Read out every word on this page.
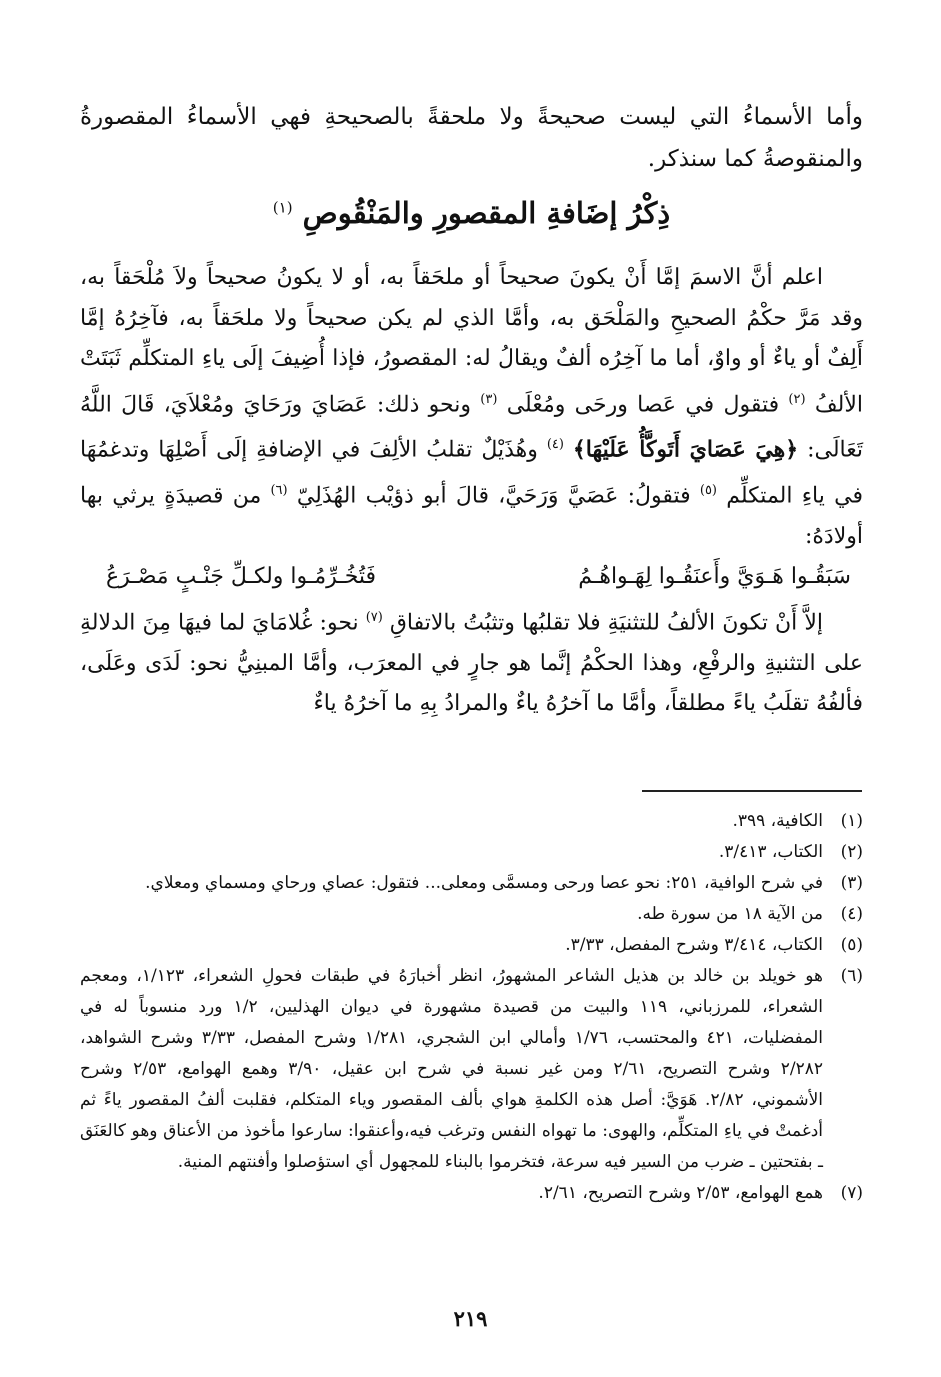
وأما الأسماءُ التي ليست صحيحةً ولا ملحقةً بالصحيحةِ فهي الأسماءُ المقصورةُ والمنقوصةُ كما سنذكر.

ذِكْرُ إضَافةِ المقصورِ والمَنْقُوصِ $^{(١)}$

اعلم أنَّ الاسمَ إمَّا أَنْ يكونَ صحيحاً أو ملحَقاً به، أو لا يكونُ صحيحاً ولاَ مُلْحَقاً به، وقد مَرَّ حكْمُ الصحيحِ والمَلْحَق به، وأمَّا الذي لم يكن صحيحاً ولا ملحَقاً به، فآخِرُهُ إمَّا أَلِفٌ أو ياءٌ أو واوٌ، أما ما آخِرُه ألفٌ ويقالُ له: المقصورُ، فإذا أُضِيفَ إلَى ياءِ المتكلِّم ثَبَتَتْ الألفُ $^{(٢)}$ فتقول في عَصا ورحَى ومُعْلَى $^{(٣)}$ ونحو ذلك: عَصَايَ ورَحَايَ ومُعْلاَيَ، قَالَ اللَّهُ تَعَالَى: ﴿هِيَ عَصَايَ أَتَوكَّأُ عَلَيْهَا﴾ $^{(٤)}$ وهُذَيْلٌ تقلبُ الألِفَ في الإضافةِ إلَى أَصْلِهَا وتدغمُهَا في ياءِ المتكلِّم $^{(٥)}$ فتقولُ: عَصَيَّ وَرَحَيَّ، قالَ أبو ذؤيْب الهُذَلِيّ $^{(٦)}$ من قصيدَةٍ يرثي بها أولادَهُ:

سَبَقُـوا هَـوَيَّ وأَعنَقُـوا لِهَـواهُـمُ
فَتُخُـرِّمُـوا ولكـلِّ جَنْـبٍ مَصْـرَعُ

إلاَّ أَنْ تكونَ الألفُ للتثنيَةِ فلا تقلبُها وتثبُتُ بالاتفاقِ $^{(٧)}$ نحو: غُلامَايَ لما فيهَا مِنَ الدلالةِ على التثنيةِ والرفْعِ، وهذا الحكْمُ إنَّما هو جارٍ في المعرَب، وأمَّا المبنِيُّ نحو: لَدَى وعَلَى، فألفُهُ تقلَبُ ياءً مطلقاً، وأمَّا ما آخرُهُ ياءٌ والمرادُ بِهِ ما آخرُهُ ياءٌ

(١)
الكافية، ٣٩٩.
(٢)
الكتاب، ٣/٤١٣.
(٣)
في شرح الوافية، ٢٥١: نحو عصا ورحى ومسمَّى ومعلى... فتقول: عصاي ورحاي ومسماي ومعلاي.
(٤)
من الآية ١٨ من سورة طه.
(٥)
الكتاب، ٣/٤١٤ وشرح المفصل، ٣/٣٣.
(٦)
هو خويلد بن خالد بن هذيل الشاعر المشهورُ، انظر أخبارَهُ في طبقات فحولِ الشعراء، ١/١٢٣، ومعجم الشعراء، للمرزباني، ١١٩ والبيت من قصيدة مشهورة في ديوان الهذليين، ١/٢ ورد منسوباً له في المفضليات، ٤٢١ والمحتسب، ١/٧٦ وأمالي ابن الشجري، ١/٢٨١ وشرح المفصل، ٣/٣٣ وشرح الشواهد، ٢/٢٨٢ وشرح التصريح، ٢/٦١ ومن غير نسبة في شرح ابن عقيل، ٣/٩٠ وهمع الهوامع، ٢/٥٣ وشرح الأشموني، ٢/٨٢. هَوَيَّ: أصل هذه الكلمةِ هواي بألف المقصور وياء المتكلم، فقلبت ألفُ المقصور ياءً ثم أدغمتْ في ياءِ المتكلِّم، والهوى: ما تهواه النفس وترغب فيه،وأعنقوا: سارعوا مأخوذ من الأعناق وهو كالعَنَق ـ بفتحتين ـ ضرب من السير فيه سرعة، فتخرموا بالبناء للمجهول أي استؤصلوا وأفنتهم المنية.
(٧)
همع الهوامع، ٢/٥٣ وشرح التصريح، ٢/٦١.
٢١٩
